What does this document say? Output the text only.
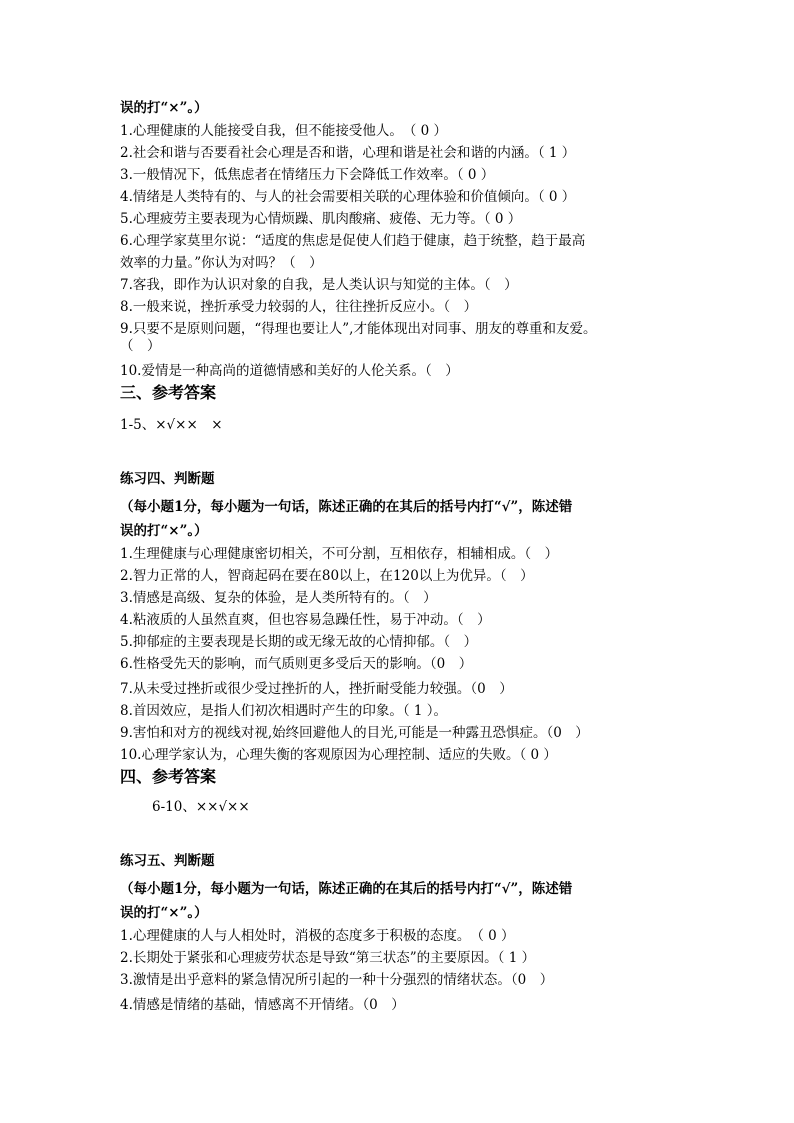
误的打“×”。）
1.心理健康的人能接受自我，但不能接受他人。　（ 0 ）
2.社会和谐与否要看社会心理是否和谐，心理和谐是社会和谐的内涵。（ 1 ）
3.一般情况下，低焦虑者在情绪压力下会降低工作效率。（ 0 ）
4.情绪是人类特有的、与人的社会需要相关联的心理体验和价值倾向。（ 0 ）
5.心理疲劳主要表现为心情烦躁、肌肉酸痛、疲倦、无力等。（ 0 ）
6.心理学家莫里尔说：“适度的焦虑是促使人们趋于健康，趋于统整，趋于最高
效率的力量。”你认为对吗？（　）
7.客我，即作为认识对象的自我，是人类认识与知觉的主体。（　）
8.一般来说，挫折承受力较弱的人，往往挫折反应小。（　）
9.只要不是原则问题，“得理也要让人”,才能体现出对同事、朋友的尊重和友爱。
（　）
10.爱情是一种高尚的道德情感和美好的人伦关系。（　）
三、参考答案
1-5、×√××　×
练习四、判断题
（每小题1分，每小题为一句话，陈述正确的在其后的括号内打“√”，陈述错
误的打“×”。）
1.生理健康与心理健康密切相关，不可分割，互相依存，相辅相成。（　）
2.智力正常的人，智商起码在要在80以上，在120以上为优异。（　）
3.情感是高级、复杂的体验，是人类所特有的。（　）
4.粘液质的人虽然直爽，但也容易急躁任性，易于冲动。（　）
5.抑郁症的主要表现是长期的或无缘无故的心情抑郁。（　）
6.性格受先天的影响，而气质则更多受后天的影响。（0　）
7.从未受过挫折或很少受过挫折的人，挫折耐受能力较强。（0　）
8.首因效应，是指人们初次相遇时产生的印象。（ 1 ）。
9.害怕和对方的视线对视,始终回避他人的目光,可能是一种露丑恐惧症。（0　）
10.心理学家认为，心理失衡的客观原因为心理控制、适应的失败。（ 0 ）
四、参考答案
6-10、××√××
练习五、判断题
（每小题1分，每小题为一句话，陈述正确的在其后的括号内打“√”，陈述错
误的打“×”。）
1.心理健康的人与人相处时，消极的态度多于积极的态度。　（ 0 ）
2.长期处于紧张和心理疲劳状态是导致“第三状态”的主要原因。（ 1 ）
3.激情是出乎意料的紧急情况所引起的一种十分强烈的情绪状态。（0　）
4.情感是情绪的基础，情感离不开情绪。（0　）
